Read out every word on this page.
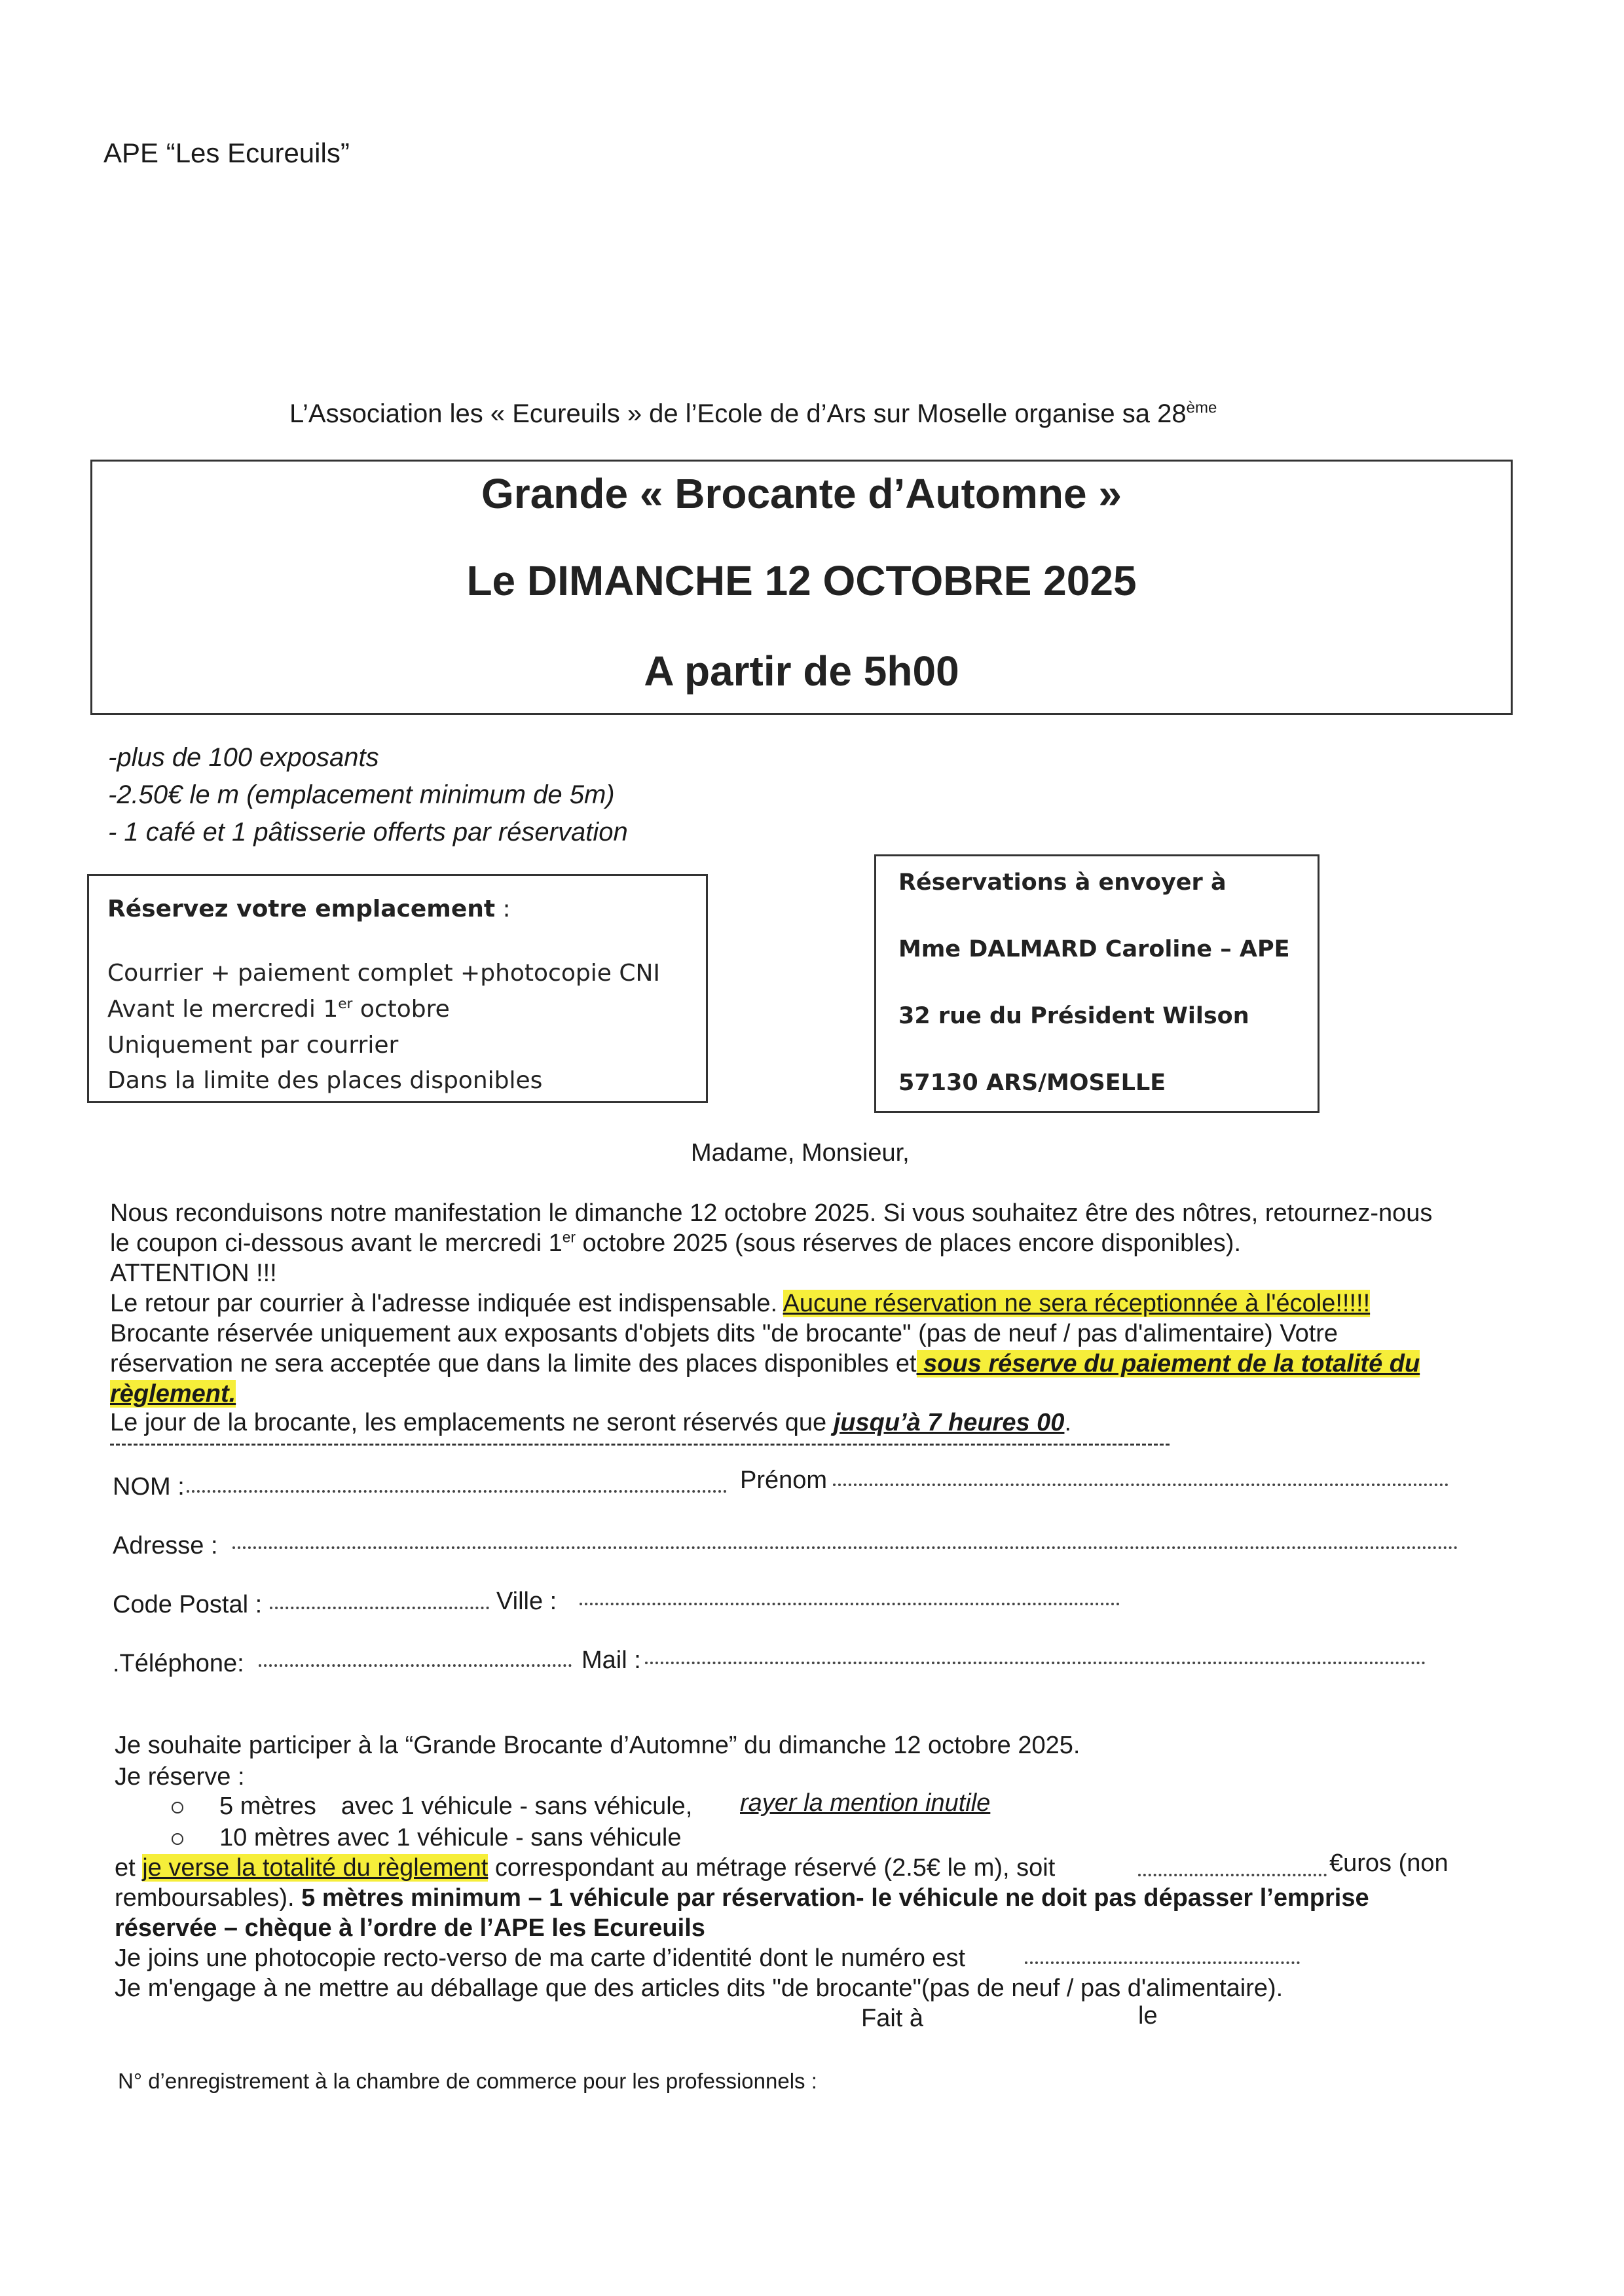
APE “Les Ecureuils”
L’Association les « Ecureuils » de l’Ecole de d’Ars sur Moselle organise sa 28ème
Grande « Brocante d’Automne »
Le DIMANCHE 12 OCTOBRE 2025
A partir de 5h00
-plus de 100 exposants
-2.50€ le m (emplacement minimum de 5m)
- 1 café et 1 pâtisserie offerts par réservation
Réservez votre emplacement :
Courrier + paiement complet +photocopie CNI
Avant le mercredi 1er octobre
Uniquement par courrier
Dans la limite des places disponibles
Réservations à envoyer à
Mme DALMARD Caroline – APE
32 rue du Président Wilson
57130 ARS/MOSELLE
Madame, Monsieur,
Nous reconduisons notre manifestation le dimanche 12 octobre 2025. Si vous souhaitez être des nôtres, retournez-nous
le coupon ci-dessous avant le mercredi 1er octobre 2025 (sous réserves de places encore disponibles).
ATTENTION !!!
Le retour par courrier à l'adresse indiquée est indispensable. Aucune réservation ne sera réceptionnée à l'école!!!!!
Brocante réservée uniquement aux exposants d'objets dits "de brocante" (pas de neuf / pas d'alimentaire) Votre
réservation ne sera acceptée que dans la limite des places disponibles et sous réserve du paiement de la totalité du
règlement.
Le jour de la brocante, les emplacements ne seront réservés que jusqu’à 7 heures 00.
NOM :	Prénom
Adresse :
Code Postal :	Ville :
.Téléphone:	Mail :
Je souhaite participer à la “Grande Brocante d’Automne” du dimanche 12 octobre 2025.
Je réserve :
5 mètres avec 1 véhicule - sans véhicule, rayer la mention inutile
10 mètres avec 1 véhicule - sans véhicule
et je verse la totalité du règlement correspondant au métrage réservé (2.5€ le m), soit	€uros (non
remboursables). 5 mètres minimum – 1 véhicule par réservation- le véhicule ne doit pas dépasser l’emprise
réservée – chèque à l’ordre de l’APE les Ecureuils
Je joins une photocopie recto-verso de ma carte d’identité dont le numéro est
Je m'engage à ne mettre au déballage que des articles dits "de brocante"(pas de neuf / pas d'alimentaire).
Fait à	le
N° d’enregistrement à la chambre de commerce pour les professionnels :
